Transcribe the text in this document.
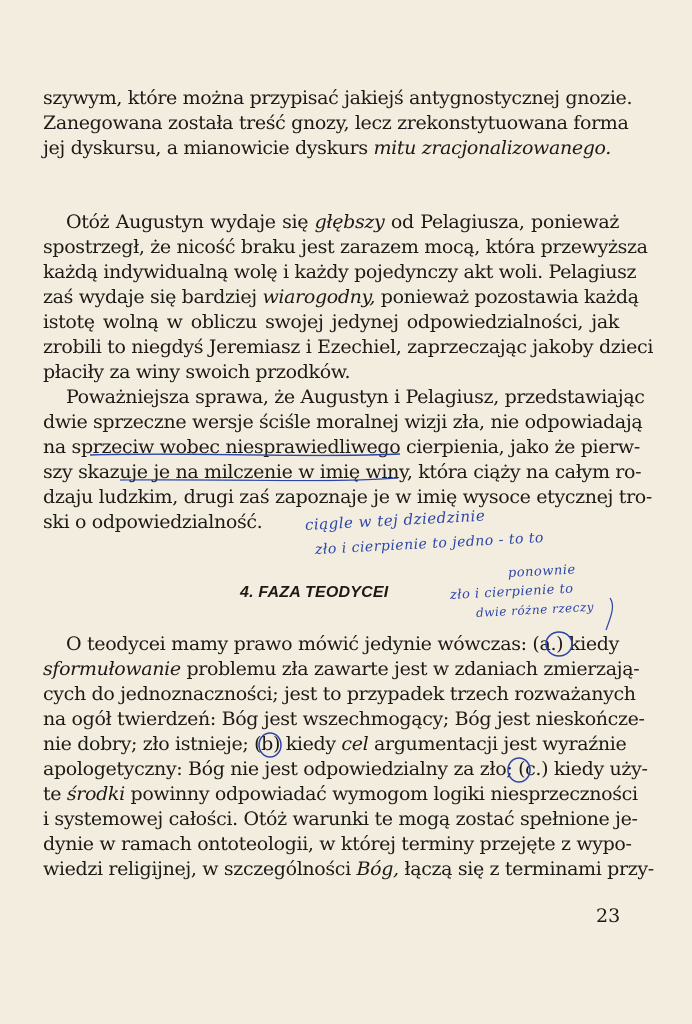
szywym, które można przypisać jakiejś antygnostycznej gnozie.
Zanegowana została treść gnozy, lecz zrekonstytuowana forma
jej dyskursu, a mianowicie dyskurs mitu zracjonalizowanego.
Otóż Augustyn wydaje się głębszy od Pelagiusza, ponieważ
spostrzegł, że nicość braku jest zarazem mocą, która przewyższa
każdą indywidualną wolę i każdy pojedynczy akt woli. Pelagiusz
zaś wydaje się bardziej wiarogodny, ponieważ pozostawia każdą
istotę wolną w obliczu swojej jedynej odpowiedzialności, jak
zrobili to niegdyś Jeremiasz i Ezechiel, zaprzeczając jakoby dzieci
płaciły za winy swoich przodków.
Poważniejsza sprawa, że Augustyn i Pelagiusz, przedstawiając
dwie sprzeczne wersje ściśle moralnej wizji zła, nie odpowiadają
na sprzeciw wobec niesprawiedliwego cierpienia, jako że pierw-
szy skazuje je na milczenie w imię winy, która ciąży na całym ro-
dzaju ludzkim, drugi zaś zapoznaje je w imię wysoce etycznej tro-
ski o odpowiedzialność.
4. FAZA TEODYCEI
O teodycei mamy prawo mówić jedynie wówczas: (a.) kiedy
sformułowanie problemu zła zawarte jest w zdaniach zmierzają-
cych do jednoznaczności; jest to przypadek trzech rozważanych
na ogół twierdzeń: Bóg jest wszechmogący; Bóg jest nieskończe-
nie dobry; zło istnieje; (b) kiedy cel argumentacji jest wyraźnie
apologetyczny: Bóg nie jest odpowiedzialny za zło; (c.) kiedy uży-
te środki powinny odpowiadać wymogom logiki niesprzeczności
i systemowej całości. Otóż warunki te mogą zostać spełnione je-
dynie w ramach ontoteologii, w której terminy przejęte z wypo-
wiedzi religijnej, w szczególności Bóg, łączą się z terminami przy-
23
ciągle w tej dziedzinie
zło i cierpienie to jedno - to to
ponownie
zło i cierpienie to
dwie różne rzeczy
